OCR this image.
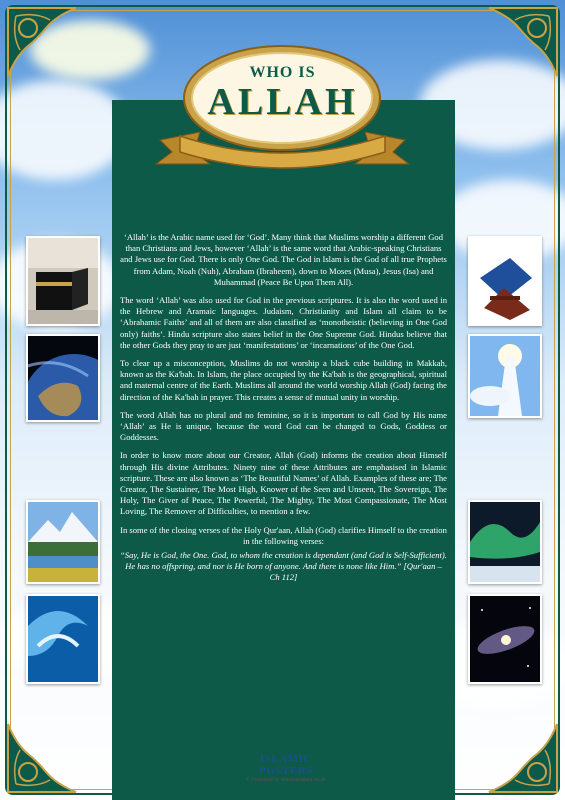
‘Allah’ is the Arabic name used for ‘God’. Many think that Muslims worship a different God than Christians and Jews, however ‘Allah’ is the same word that Arabic-speaking Christians and Jews use for God. There is only One God. The God in Islam is the God of all true Prophets from Adam, Noah (Nuh), Abraham (Ibraheem), down to Moses (Musa), Jesus (Isa) and Muhammad (Peace Be Upon Them All).

The word ‘Allah’ was also used for God in the previous scriptures. It is also the word used in the Hebrew and Aramaic languages. Judaism, Christianity and Islam all claim to be ‘Abrahamic Faiths’ and all of them are also classified as ‘monotheistic (believing in One God only) faiths’. Hindu scripture also states belief in the One Supreme God. Hindus believe that the other Gods they pray to are just ‘manifestations’ or ‘incarnations’ of the One God.

To clear up a misconception, Muslims do not worship a black cube building in Makkah, known as the Ka'bah. In Islam, the place occupied by the Ka'bah is the geographical, spiritual and maternal centre of the Earth. Muslims all around the world worship Allah (God) facing the direction of the Ka'bah in prayer. This creates a sense of mutual unity in worship.

The word Allah has no plural and no feminine, so it is important to call God by His name ‘Allah’ as He is unique, because the word God can be changed to Gods, Goddess or Goddesses.

In order to know more about our Creator, Allah (God) informs the creation about Himself through His divine Attributes. Ninety nine of these Attributes are emphasised in Islamic scripture. These are also known as ‘The Beautiful Names’ of Allah. Examples of these are; The Creator, The Sustainer, The Most High, Knower of the Seen and Unseen, The Sovereign, The Holy, The Giver of Peace, The Powerful, The Mighty, The Most Compassionate, The Most Loving, The Remover of Difficulties, to mention a few.

In some of the closing verses of the Holy Qur'aan, Allah (God) clarifies Himself to the creation in the following verses:

“Say, He is God, the One. God, to whom the creation is dependant (and God is Self-Sufficient). He has no offspring, and nor is He born of anyone. And there is none like Him.” [Qur'aan – Ch 112]

WHO IS
ALLAH
ISLAMIC POSTERS
© Produced by islamicposters.co.uk
